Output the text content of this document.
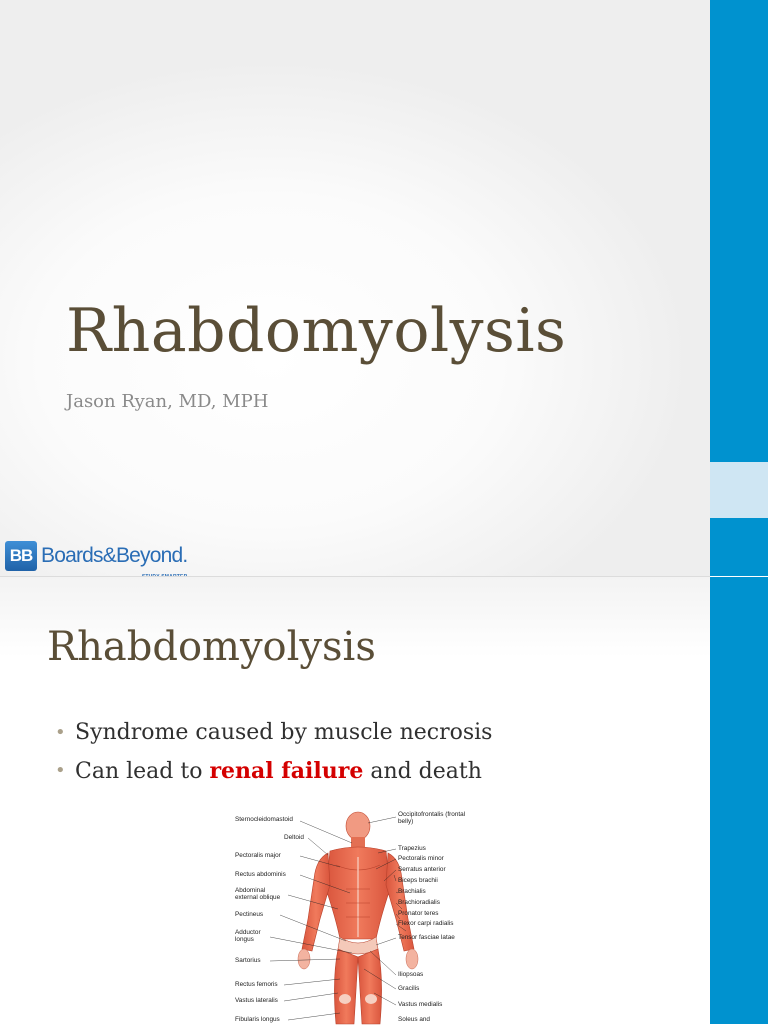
Rhabdomyolysis
Jason Ryan, MD, MPH
BB Boards&Beyond.
Rhabdomyolysis
• Syndrome caused by muscle necrosis
• Can lead to renal failure and death
Sternocleidomastoid
Deltoid
Pectoralis major
Rectus abdominis
Abdominal external oblique
Pectineus
Adductor longus
Sartorius
Rectus femoris
Vastus lateralis
Fibularis longus
Occipitofrontalis (frontal belly)
Trapezius
Pectoralis minor
Serratus anterior
Biceps brachii
Brachialis
Brachioradialis
Pronator teres
Flexor carpi radialis
Tensor fasciae latae
Iliopsoas
Gracilis
Vastus medialis
Soleus and
